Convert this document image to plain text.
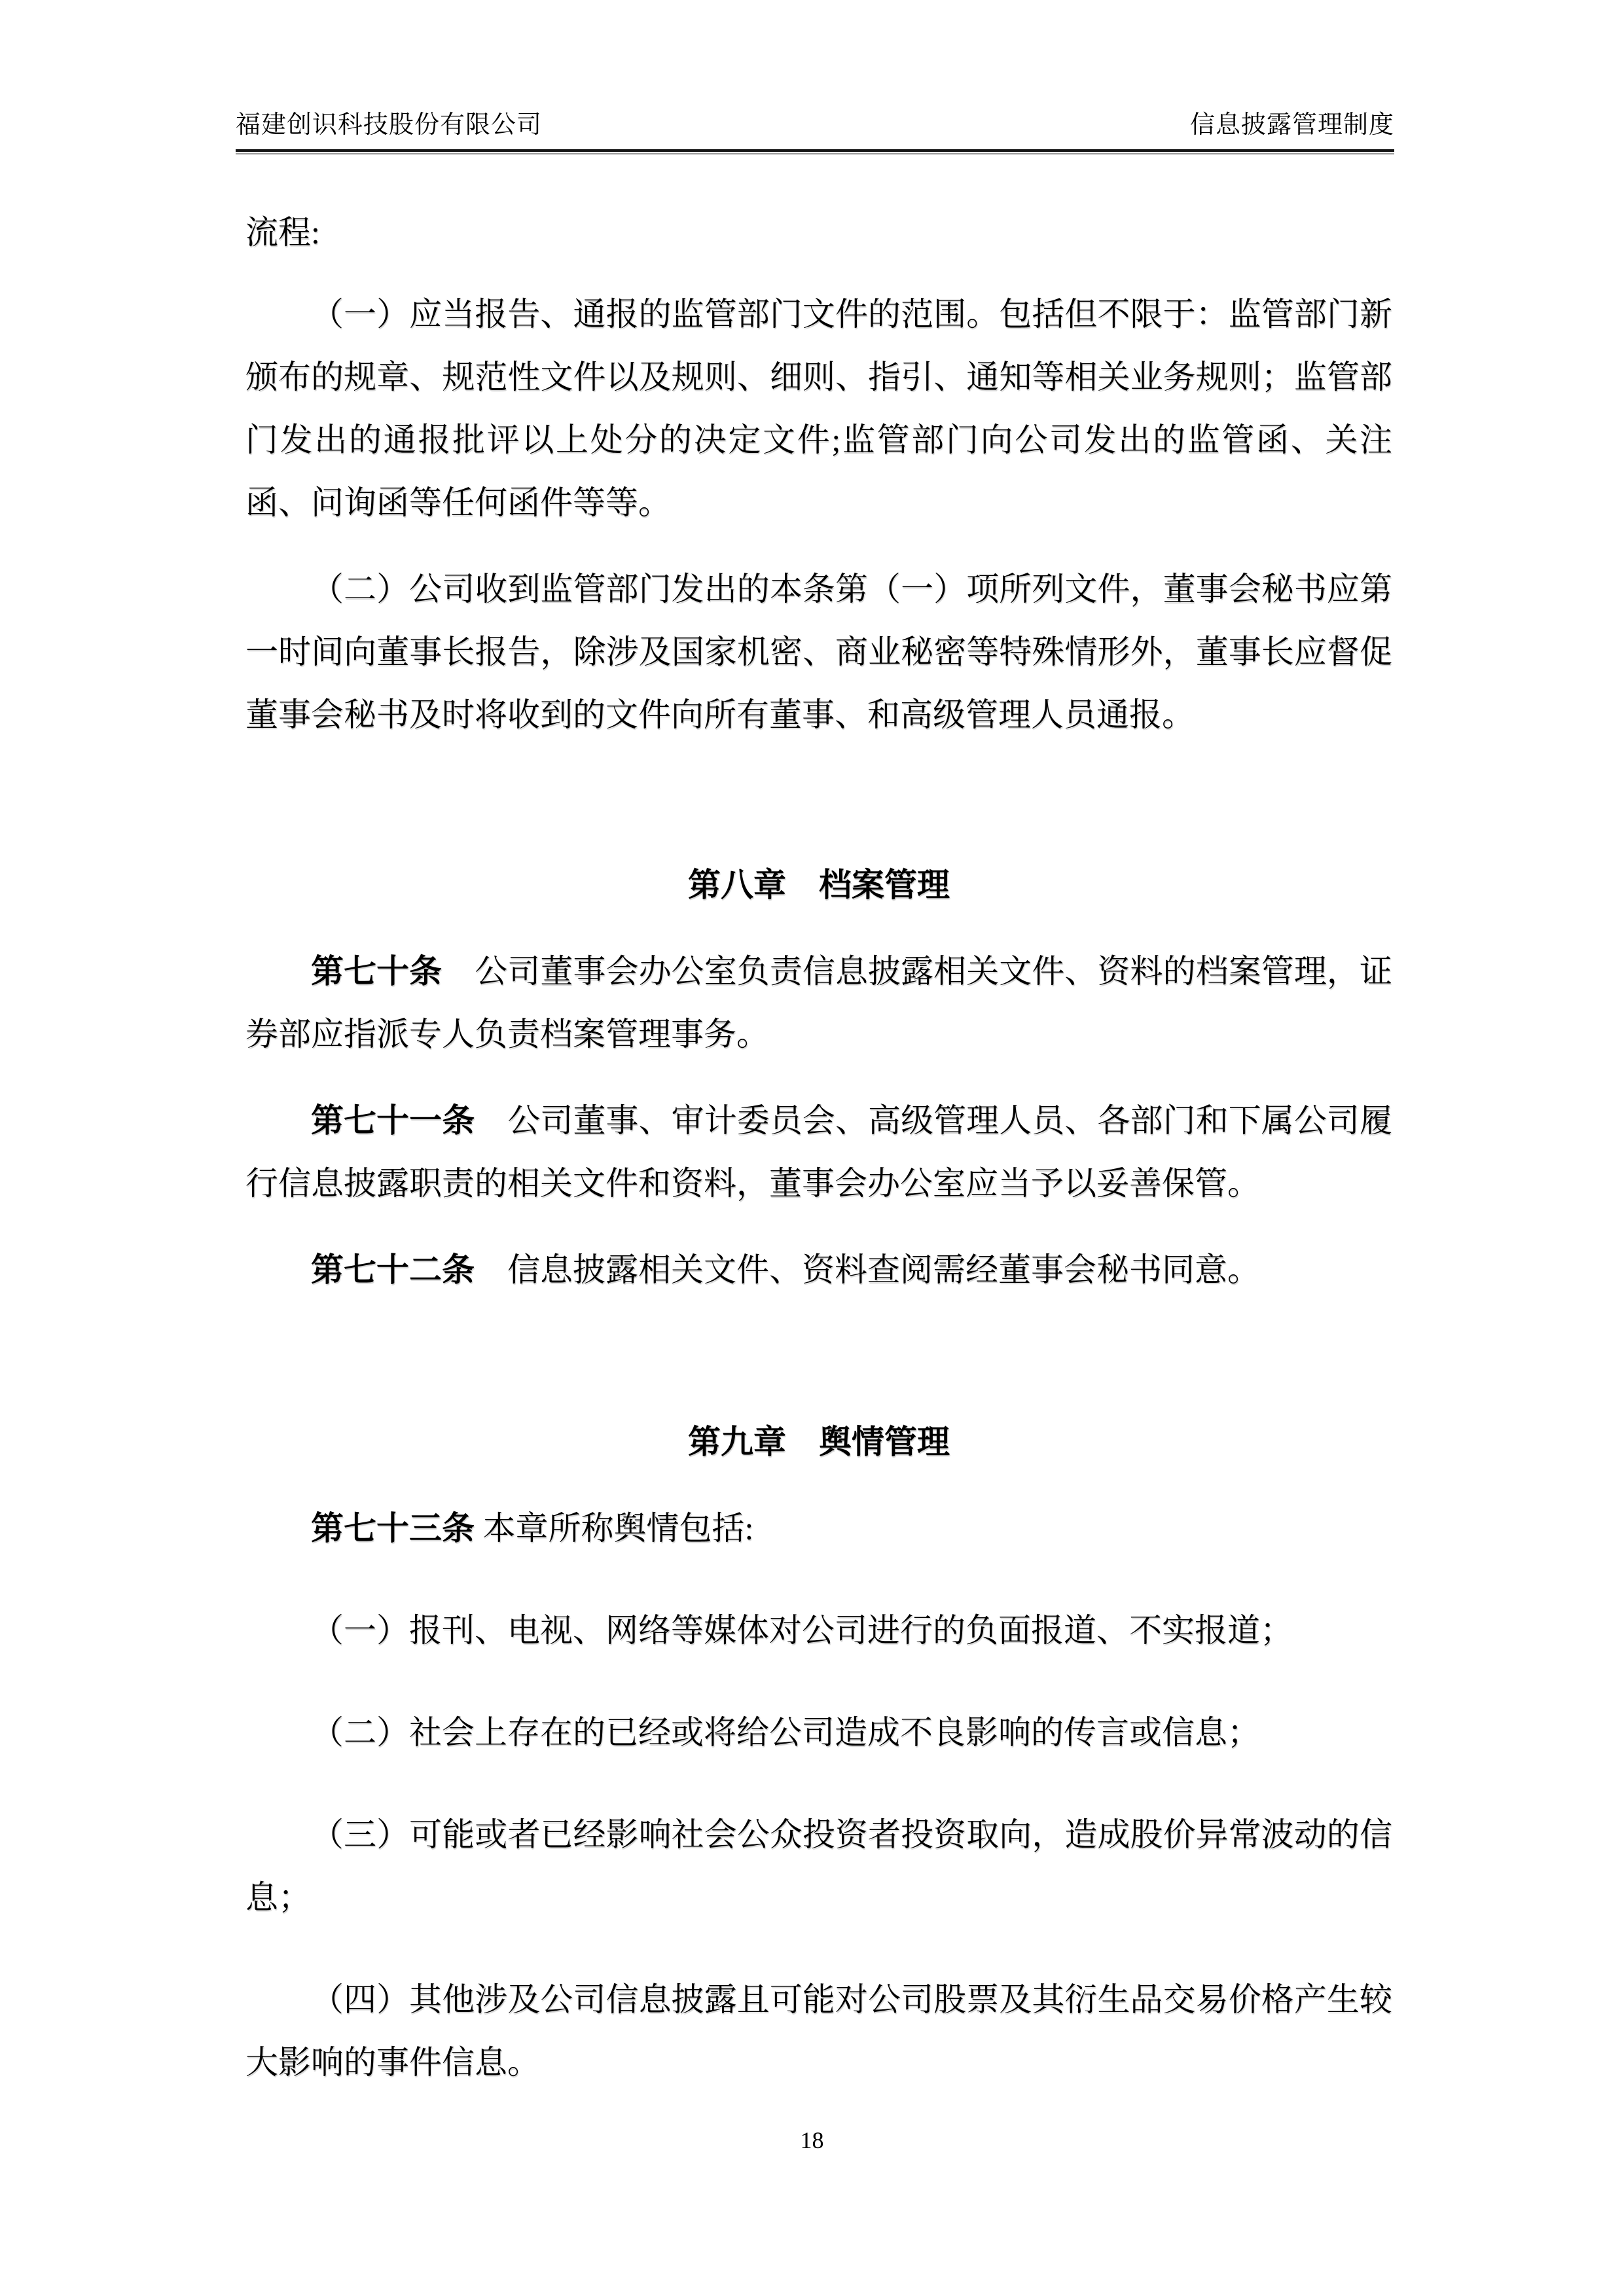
福建创识科技股份有限公司	信息披露管理制度

流程:

（一）应当报告、通报的监管部门文件的范围。包括但不限于：监管部门新颁布的规章、规范性文件以及规则、细则、指引、通知等相关业务规则；监管部门发出的通报批评以上处分的决定文件;监管部门向公司发出的监管函、关注函、问询函等任何函件等等。

（二）公司收到监管部门发出的本条第（一）项所列文件，董事会秘书应第一时间向董事长报告，除涉及国家机密、商业秘密等特殊情形外，董事长应督促董事会秘书及时将收到的文件向所有董事、和高级管理人员通报。

第八章　档案管理

第七十条　公司董事会办公室负责信息披露相关文件、资料的档案管理，证券部应指派专人负责档案管理事务。

第七十一条　公司董事、审计委员会、高级管理人员、各部门和下属公司履行信息披露职责的相关文件和资料，董事会办公室应当予以妥善保管。

第七十二条　信息披露相关文件、资料查阅需经董事会秘书同意。

第九章　舆情管理

第七十三条 本章所称舆情包括:

（一）报刊、电视、网络等媒体对公司进行的负面报道、不实报道；

（二）社会上存在的已经或将给公司造成不良影响的传言或信息；

（三）可能或者已经影响社会公众投资者投资取向，造成股价异常波动的信息；

（四）其他涉及公司信息披露且可能对公司股票及其衍生品交易价格产生较大影响的事件信息。

18
